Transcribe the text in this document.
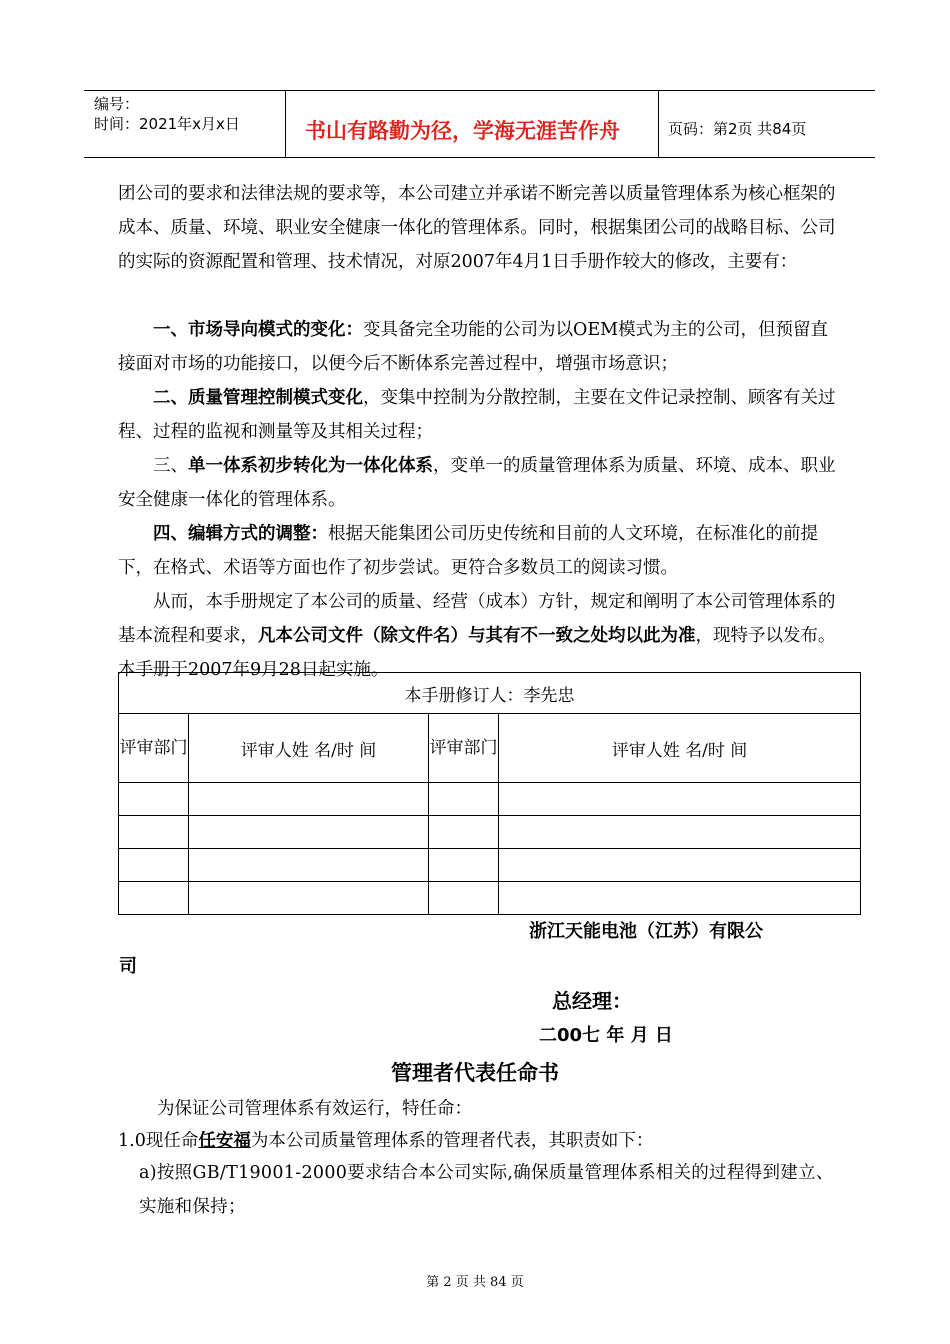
编号：
时间：2021年x月x日	书山有路勤为径，学海无涯苦作舟	页码：第2页 共84页
团公司的要求和法律法规的要求等，本公司建立并承诺不断完善以质量管理体系为核心框架的成本、质量、环境、职业安全健康一体化的管理体系。同时，根据集团公司的战略目标、公司的实际的资源配置和管理、技术情况，对原2007年4月1日手册作较大的修改，主要有：
一、市场导向模式的变化：变具备完全功能的公司为以OEM模式为主的公司，但预留直接面对市场的功能接口，以便今后不断体系完善过程中，增强市场意识；
二、质量管理控制模式变化，变集中控制为分散控制，主要在文件记录控制、顾客有关过程、过程的监视和测量等及其相关过程；
三、单一体系初步转化为一体化体系，变单一的质量管理体系为质量、环境、成本、职业安全健康一体化的管理体系。
四、编辑方式的调整：根据天能集团公司历史传统和目前的人文环境，在标准化的前提下，在格式、术语等方面也作了初步尝试。更符合多数员工的阅读习惯。
从而，本手册规定了本公司的质量、经营（成本）方针，规定和阐明了本公司管理体系的基本流程和要求，凡本公司文件（除文件名）与其有不一致之处均以此为准，现特予以发布。本手册于2007年9月28日起实施。
本手册修订人：李先忠			
评审部门	评审人姓 名/时 间	评审部门	评审人姓 名/时 间

浙江天能电池（江苏）有限公
司
总经理：
二00七 年 月 日
管理者代表任命书
为保证公司管理体系有效运行，特任命：
1.0现任命任安福为本公司质量管理体系的管理者代表，其职责如下：
a)按照GB/T19001-2000要求结合本公司实际,确保质量管理体系相关的过程得到建立、实施和保持；
第 2 页 共 84 页
